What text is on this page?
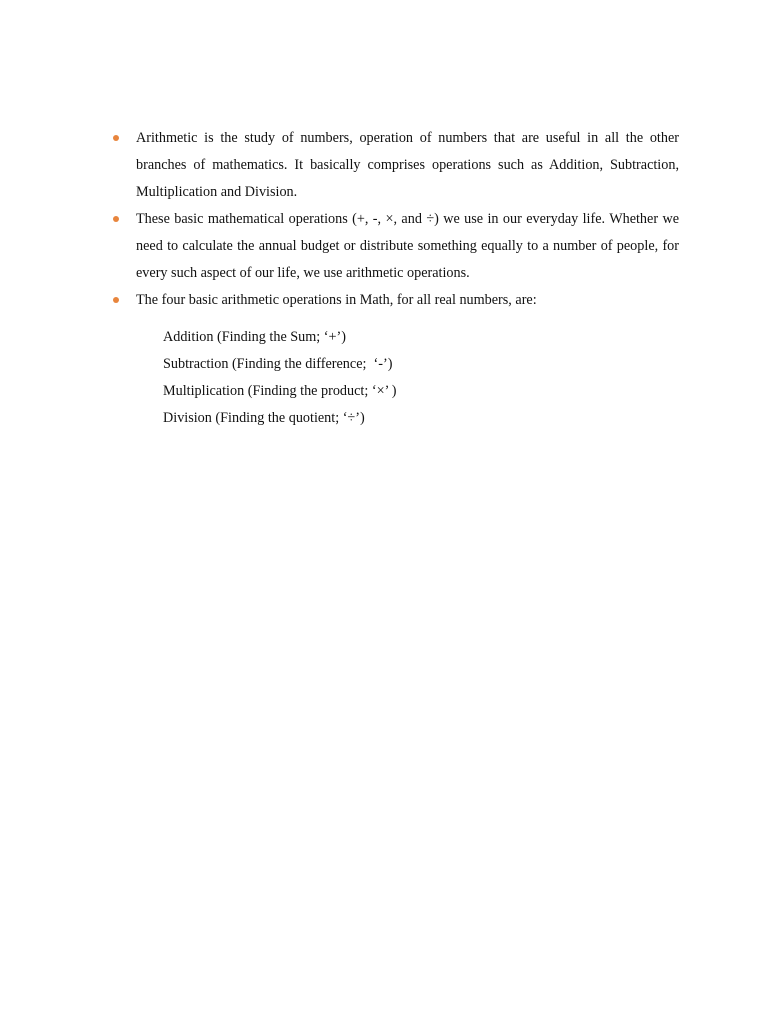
Arithmetic is the study of numbers, operation of numbers that are useful in all the other branches of mathematics. It basically comprises operations such as Addition, Subtraction, Multiplication and Division.
These basic mathematical operations (+, -, ×, and ÷) we use in our everyday life. Whether we need to calculate the annual budget or distribute something equally to a number of people, for every such aspect of our life, we use arithmetic operations.
The four basic arithmetic operations in Math, for all real numbers, are:
Addition (Finding the Sum; ‘+’)
Subtraction (Finding the difference;  ‘-’)
Multiplication (Finding the product; ‘×’ )
Division (Finding the quotient; ‘÷’)
